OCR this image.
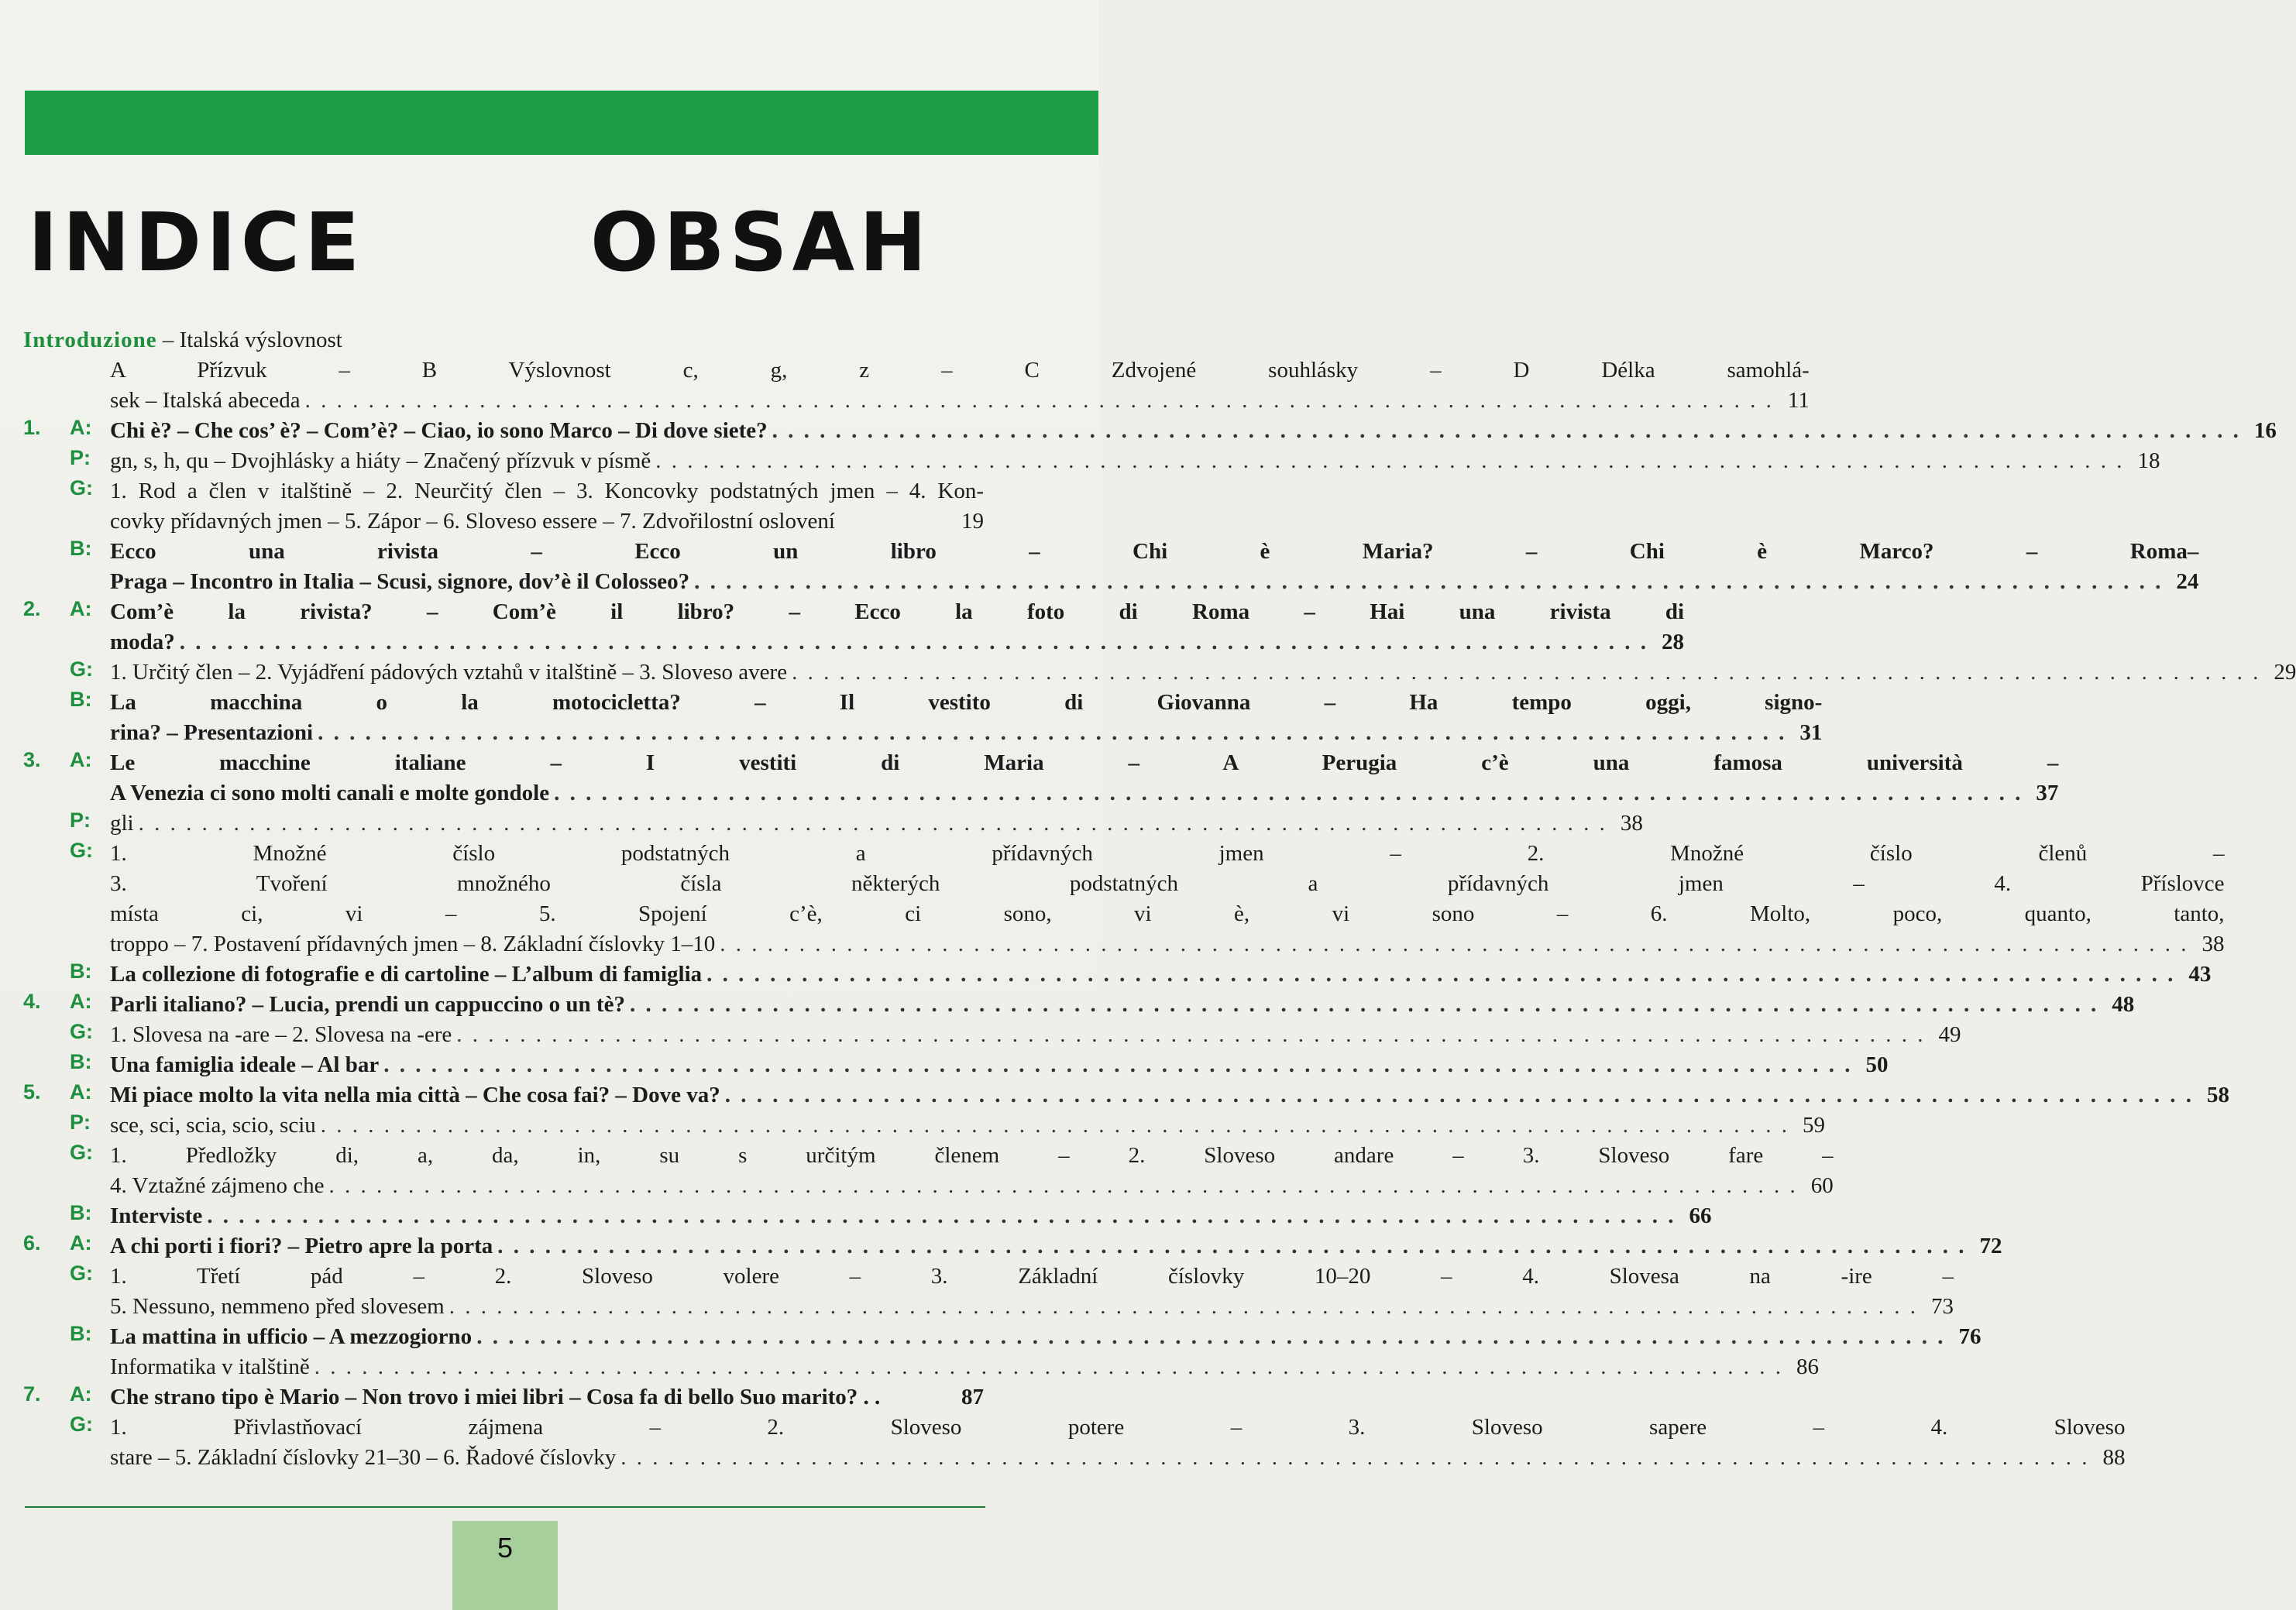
INDICE	OBSAH
Introduzione – Italská výslovnost
A Přízvuk – B Výslovnost c, g, z – C Zdvojené souhlásky – D Délka samohlá-
sek – Italská abeceda . . . . . . . . . . . . . . . . . . . . . . . . . . . . . . . . . . . . . . . . . . . . . . . . . . . . . . . . . . . . . . . . . . . . . . . . . . . . . . . . . . . . . . . . . . . . . 11
1.	A: Chi è? – Che cos’ è? – Com’è? – Ciao, io sono Marco – Di dove siete? . . . . . . . . . . . . . . . . . . . . . . . . . . . . . . . . . . . . . . . . . . . . . . . . . . . . . . . . . . . . . . . . . . . . . . . . . . . . . . . . . . . . . . . . . . . . . 16
P: gn, s, h, qu – Dvojhlásky a hiáty – Značený přízvuk v písmě . . . . . . . . . . . . . . . . . . . . . . . . . . . . . . . . . . . . . . . . . . . . . . . . . . . . . . . . . . . . . . . . . . . . . . . . . . . . . . . . . . . . . . . . . . . . . 18
G: 1. Rod a člen v italštině – 2. Neurčitý člen – 3. Koncovky podstatných jmen – 4. Kon-
covky přídavných jmen – 5. Zápor – 6. Sloveso essere – 7. Zdvořilostní oslovení	19
B: Ecco una rivista – Ecco un libro – Chi è Maria? – Chi è Marco? – Roma–
Praga – Incontro in Italia – Scusi, signore, dov’è il Colosseo? . . . . . . . . . . . . . . . . . . . . . . . . . . . . . . . . . . . . . . . . . . . . . . . . . . . . . . . . . . . . . . . . . . . . . . . . . . . . . . . . . . . . . . . . . . . . . 24
2.	A: Com’è la rivista? – Com’è il libro? – Ecco la foto di Roma – Hai una rivista di
moda? . . . . . . . . . . . . . . . . . . . . . . . . . . . . . . . . . . . . . . . . . . . . . . . . . . . . . . . . . . . . . . . . . . . . . . . . . . . . . . . . . . . . . . . . . . . . . 28
G: 1. Určitý člen – 2. Vyjádření pádových vztahů v italštině – 3. Sloveso avere . . . . . . . . . . . . . . . . . . . . . . . . . . . . . . . . . . . . . . . . . . . . . . . . . . . . . . . . . . . . . . . . . . . . . . . . . . . . . . . . . . . . . . . . . . . . . 29
B: La macchina o la motocicletta? – Il vestito di Giovanna – Ha tempo oggi, signo-
rina? – Presentazioni . . . . . . . . . . . . . . . . . . . . . . . . . . . . . . . . . . . . . . . . . . . . . . . . . . . . . . . . . . . . . . . . . . . . . . . . . . . . . . . . . . . . . . . . . . . . . 31
3.	A: Le macchine italiane – I vestiti di Maria – A Perugia c’è una famosa università –
A Venezia ci sono molti canali e molte gondole . . . . . . . . . . . . . . . . . . . . . . . . . . . . . . . . . . . . . . . . . . . . . . . . . . . . . . . . . . . . . . . . . . . . . . . . . . . . . . . . . . . . . . . . . . . . . 37
P: gli . . . . . . . . . . . . . . . . . . . . . . . . . . . . . . . . . . . . . . . . . . . . . . . . . . . . . . . . . . . . . . . . . . . . . . . . . . . . . . . . . . . . . . . . . . . . . 38
G: 1. Množné číslo podstatných a přídavných jmen – 2. Množné číslo členů –
3. Tvoření množného čísla některých podstatných a přídavných jmen – 4. Příslovce
místa ci, vi – 5. Spojení c’è, ci sono, vi è, vi sono – 6. Molto, poco, quanto, tanto,
troppo – 7. Postavení přídavných jmen – 8. Základní číslovky 1–10 . . . . . . . . . . . . . . . . . . . . . . . . . . . . . . . . . . . . . . . . . . . . . . . . . . . . . . . . . . . . . . . . . . . . . . . . . . . . . . . . . . . . . . . . . . . . . 38
B: La collezione di fotografie e di cartoline – L’album di famiglia . . . . . . . . . . . . . . . . . . . . . . . . . . . . . . . . . . . . . . . . . . . . . . . . . . . . . . . . . . . . . . . . . . . . . . . . . . . . . . . . . . . . . . . . . . . . . 43
4.	A: Parli italiano? – Lucia, prendi un cappuccino o un tè? . . . . . . . . . . . . . . . . . . . . . . . . . . . . . . . . . . . . . . . . . . . . . . . . . . . . . . . . . . . . . . . . . . . . . . . . . . . . . . . . . . . . . . . . . . . . . 48
G: 1. Slovesa na -are – 2. Slovesa na -ere . . . . . . . . . . . . . . . . . . . . . . . . . . . . . . . . . . . . . . . . . . . . . . . . . . . . . . . . . . . . . . . . . . . . . . . . . . . . . . . . . . . . . . . . . . . . . 49
B: Una famiglia ideale – Al bar . . . . . . . . . . . . . . . . . . . . . . . . . . . . . . . . . . . . . . . . . . . . . . . . . . . . . . . . . . . . . . . . . . . . . . . . . . . . . . . . . . . . . . . . . . . . . 50
5.	A: Mi piace molto la vita nella mia città – Che cosa fai? – Dove va? . . . . . . . . . . . . . . . . . . . . . . . . . . . . . . . . . . . . . . . . . . . . . . . . . . . . . . . . . . . . . . . . . . . . . . . . . . . . . . . . . . . . . . . . . . . . . 58
P: sce, sci, scia, scio, sciu . . . . . . . . . . . . . . . . . . . . . . . . . . . . . . . . . . . . . . . . . . . . . . . . . . . . . . . . . . . . . . . . . . . . . . . . . . . . . . . . . . . . . . . . . . . . . 59
G: 1. Předložky di, a, da, in, su s určitým členem – 2. Sloveso andare – 3. Sloveso fare –
4. Vztažné zájmeno che . . . . . . . . . . . . . . . . . . . . . . . . . . . . . . . . . . . . . . . . . . . . . . . . . . . . . . . . . . . . . . . . . . . . . . . . . . . . . . . . . . . . . . . . . . . . . 60
B: Interviste . . . . . . . . . . . . . . . . . . . . . . . . . . . . . . . . . . . . . . . . . . . . . . . . . . . . . . . . . . . . . . . . . . . . . . . . . . . . . . . . . . . . . . . . . . . . . 66
6.	A: A chi porti i fiori? – Pietro apre la porta . . . . . . . . . . . . . . . . . . . . . . . . . . . . . . . . . . . . . . . . . . . . . . . . . . . . . . . . . . . . . . . . . . . . . . . . . . . . . . . . . . . . . . . . . . . . . 72
G: 1. Třetí pád – 2. Sloveso volere – 3. Základní číslovky 10–20 – 4. Slovesa na -ire –
5. Nessuno, nemmeno před slovesem . . . . . . . . . . . . . . . . . . . . . . . . . . . . . . . . . . . . . . . . . . . . . . . . . . . . . . . . . . . . . . . . . . . . . . . . . . . . . . . . . . . . . . . . . . . . . 73
B: La mattina in ufficio – A mezzogiorno . . . . . . . . . . . . . . . . . . . . . . . . . . . . . . . . . . . . . . . . . . . . . . . . . . . . . . . . . . . . . . . . . . . . . . . . . . . . . . . . . . . . . . . . . . . . . 76
Informatika v italštině . . . . . . . . . . . . . . . . . . . . . . . . . . . . . . . . . . . . . . . . . . . . . . . . . . . . . . . . . . . . . . . . . . . . . . . . . . . . . . . . . . . . . . . . . . . . . 86
7.	A: Che strano tipo è Mario – Non trovo i miei libri – Cosa fa di bello Suo marito? . .	87
G: 1. Přivlastňovací zájmena – 2. Sloveso potere – 3. Sloveso sapere – 4. Sloveso
stare – 5. Základní číslovky 21–30 – 6. Řadové číslovky . . . . . . . . . . . . . . . . . . . . . . . . . . . . . . . . . . . . . . . . . . . . . . . . . . . . . . . . . . . . . . . . . . . . . . . . . . . . . . . . . . . . . . . . . . . . . 88
5
